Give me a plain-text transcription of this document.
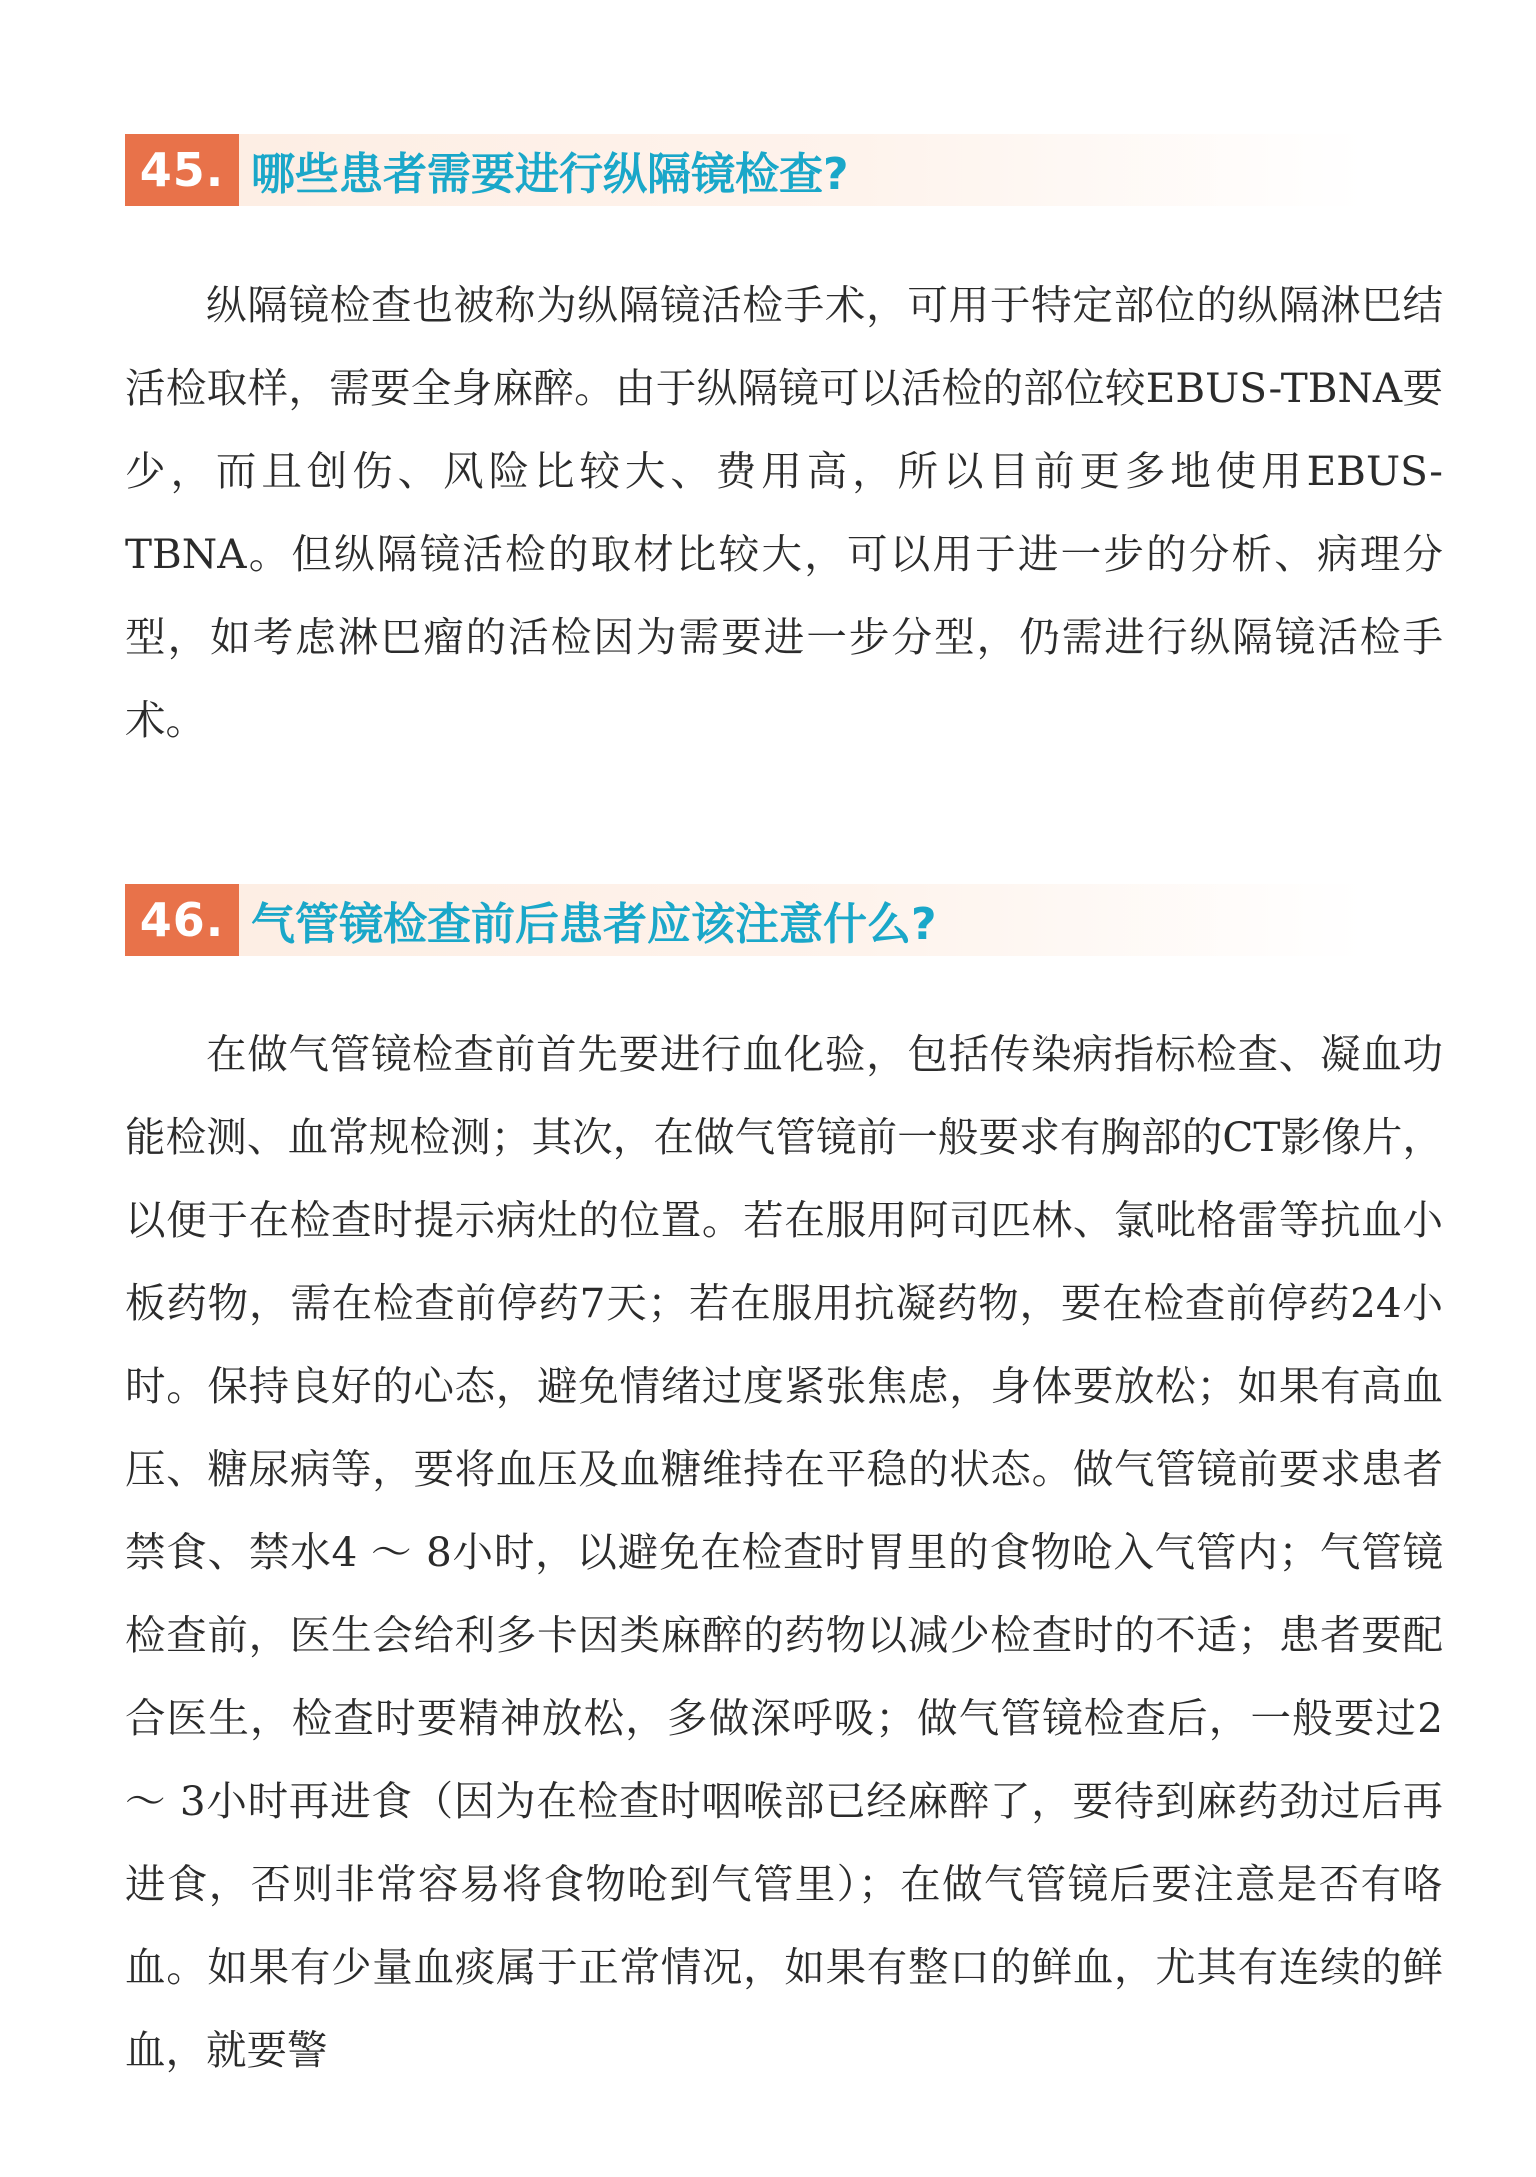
45. 哪些患者需要进行纵隔镜检查?

纵隔镜检查也被称为纵隔镜活检手术，可用于特定部位的纵隔淋巴结活检取样，需要全身麻醉。由于纵隔镜可以活检的部位较EBUS-TBNA要少，而且创伤、风险比较大、费用高，所以目前更多地使用EBUS-TBNA。但纵隔镜活检的取材比较大，可以用于进一步的分析、病理分型，如考虑淋巴瘤的活检因为需要进一步分型，仍需进行纵隔镜活检手术。

46. 气管镜检查前后患者应该注意什么?

在做气管镜检查前首先要进行血化验，包括传染病指标检查、凝血功能检测、血常规检测；其次，在做气管镜前一般要求有胸部的CT影像片，以便于在检查时提示病灶的位置。若在服用阿司匹林、氯吡格雷等抗血小板药物，需在检查前停药7天；若在服用抗凝药物，要在检查前停药24小时。保持良好的心态，避免情绪过度紧张焦虑，身体要放松；如果有高血压、糖尿病等，要将血压及血糖维持在平稳的状态。做气管镜前要求患者禁食、禁水4 ～ 8小时，以避免在检查时胃里的食物呛入气管内；气管镜检查前，医生会给利多卡因类麻醉的药物以减少检查时的不适；患者要配合医生，检查时要精神放松，多做深呼吸；做气管镜检查后，一般要过2 ～ 3小时再进食（因为在检查时咽喉部已经麻醉了，要待到麻药劲过后再进食，否则非常容易将食物呛到气管里）；在做气管镜后要注意是否有咯血。如果有少量血痰属于正常情况，如果有整口的鲜血，尤其有连续的鲜血，就要警
